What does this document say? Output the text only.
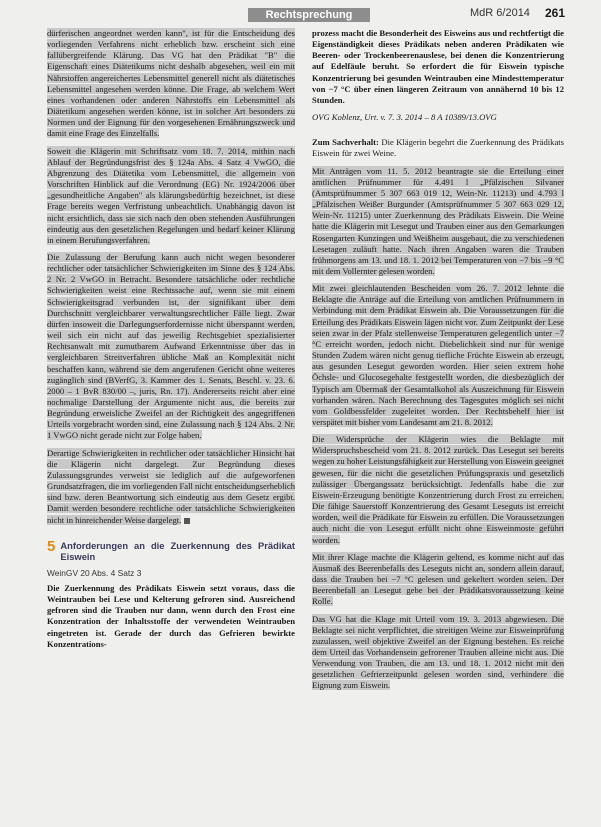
Rechtsprechung	MdR 6/2014 261

dürferischen angeordnet werden kann", ist für die Entscheidung des vorliegenden Verfahrens nicht erheblich bzw. erscheint sich eine fallübergreifende Klärung. Das VG hat den Prädikat "B" die Eigenschaft eines Diätetikums nicht deshalb abgesehen, weil ein mit Nährstoffen angereichertes Lebensmittel generell nicht als diätetisches Lebensmittel angesehen werden könne. Die Frage, ab welchem Wert eines vorhandenen oder anderen Nährstoffs ein Lebensmittel als Diätetikum angesehen werden könne, ist in solcher Art besonders zu Normen und der Eignung für den vorgesehenen Ernährungszweck und damit eine Frage des Einzelfalls.

Soweit die Klägerin mit Schriftsatz vom 18. 7. 2014, mithin nach Ablauf der Begründungsfrist des § 124a Abs. 4 Satz 4 VwGO, die Abgrenzung des Diätetika vom Lebensmittel, die allgemein von Vorschriften Hinblick auf die Verordnung (EG) Nr. 1924/2006 über „gesundheitliche Angaben" als klärungsbedürftig bezeichnet, ist diese Frage bereits wegen Verfristung unbeachtlich. Unabhängig davon ist nicht ersichtlich, dass sie sich nach den oben stehenden Ausführungen eindeutig aus den gesetzlichen Regelungen und bedarf keiner Klärung in einem Berufungsverfahren.

Die Zulassung der Berufung kann auch nicht wegen besonderer rechtlicher oder tatsächlicher Schwierigkeiten im Sinne des § 124 Abs. 2 Nr. 2 VwGO in Betracht. Besondere tatsächliche oder rechtliche Schwierigkeiten weist eine Rechtssache auf, wenn sie mit einem Schwierigkeitsgrad verbunden ist, der signifikant über dem Durchschnitt vergleichbarer verwaltungsrechtlicher Fälle liegt. Zwar dürfen insoweit die Darlegungserfordernisse nicht überspannt werden, weil sich ein nicht auf das jeweilig Rechtsgebiet spezialisierter Rechtsanwalt mit zumutbarem Aufwand Erkenntnisse über das in vergleichbaren Streitverfahren übliche Maß an Komplexität nicht beschaffen kann, während sie dem angerufenen Gericht ohne weiteres zugänglich sind (BVerfG, 3. Kammer des 1. Senats, Beschl. v. 23. 6. 2000 – 1 BvR 830/00 –, juris, Rn. 17). Andererseits reicht aber eine nochmalige Darstellung der Argumente nicht aus, die bereits zur Begründung erweisliche Zweifel an der Richtigkeit des angegriffenen Urteils vorgebracht worden sind, eine Zulassung nach § 124 Abs. 2 Nr. 1 VwGO nicht gerade nicht zur Folge haben.

Derartige Schwierigkeiten in rechtlicher oder tatsächlicher Hinsicht hat die Klägerin nicht dargelegt. Zur Begründung dieses Zulassungsgrundes verweist sie lediglich auf die aufgeworfenen Grundsatzfragen, die im vorliegenden Fall nicht entscheidungserheblich sind bzw. deren Beantwortung sich eindeutig aus dem Gesetz ergibt. Damit werden besondere rechtliche oder tatsächliche Schwierigkeiten nicht in hinreichender Weise dargelegt.

5 Anforderungen an die Zuerkennung des Prädikat Eiswein
WeinGV 20 Abs. 4 Satz 3

Die Zuerkennung des Prädikats Eiswein setzt voraus, dass die Weintrauben bei Lese und Kelterung gefroren sind. Ausreichend gefroren sind die Trauben nur dann, wenn durch den Frost eine Konzentration der Inhaltsstoffe der verwendeten Weintrauben eingetreten ist. Gerade der durch das Gefrieren bewirkte Konzentrations-

prozess macht die Besonderheit des Eisweins aus und rechtfertigt die Eigenständigkeit dieses Prädikats neben anderen Prädikaten wie Beeren- oder Trockenbeerenauslese, bei denen die Konzentrierung auf Edelfäule beruht. So erfordert die für Eiswein typische Konzentrierung bei gesunden Weintrauben eine Mindesttemperatur von −7 °C über einen längeren Zeitraum von annähernd 10 bis 12 Stunden.

OVG Koblenz, Urt. v. 7. 3. 2014 – 8 A 10389/13.OVG

Zum Sachverhalt: Die Klägerin begehrt die Zuerkennung des Prädikats Eiswein für zwei Weine.

Mit Anträgen vom 11. 5. 2012 beantragte sie die Erteilung einer amtlichen Prüfnummer für 4.491 l „Pfälzischen Silvaner (Amtsprüfnummer 5 307 663 019 12, Wein-Nr. 11213) und 4.793 l „Pfälzischen Weißer Burgunder (Amtsprüfnummer 5 307 663 029 12, Wein-Nr. 11215) unter Zuerkennung des Prädikats Eiswein. Die Weine hatte die Klägerin mit Lesegut und Trauben einer aus den Gemarkungen Rosengarten Kunzingen und Weißheim ausgebaut, die zu verschiedenen Lesetagen zuläuft hatte. Nach ihren Angaben waren die Trauben frühmorgens am 13. und 18. 1. 2012 bei Temperaturen von −7 bis −9 °C mit dem Vollernter gelesen worden.

Mit zwei gleichlautenden Bescheiden vom 26. 7. 2012 lehnte die Beklagte die Anträge auf die Erteilung von amtlichen Prüfnummern in Verbindung mit dem Prädikat Eiswein ab. Die Voraussetzungen für die Erteilung des Prädikats Eiswein lägen nicht vor. Zum Zeitpunkt der Lese seien zwar in der Pfalz stellenweise Temperaturen gelegentlich unter −7 °C erreicht worden, jedoch nicht. Diebelichkeit sind nur für wenige Stunden Zudem wären nicht genug tiefliche Früchte Eiswein ab erzeugt, aus gesunden Lesegut geworden worden. Hier seien extrem hohe Öchsle- und Glucosegehalte festgestellt worden, die diesbezüglich der Typisch am Übermaß der Gesamtalkohol als Auszeichnung für Eiswein vorhanden wären. Nach Berechnung des Tagesgutes möglich sei nicht vom Goldbessfelder zugeleitet worden. Der Rechtsbehelf hier ist verspätet mit bisher vom Landesamt am 21. 8. 2012.

Die Widersprüche der Klägerin wies die Beklagte mit Widerspruchsbescheid vom 21. 8. 2012 zurück. Das Lesegut sei bereits wegen zu hoher Leistungsfähigkeit zur Herstellung von Eiswein geeignet gewesen, für die nicht die gesetzlichen Prüfungspraxis und gesetzlich zulässiger Übergangssatz berücksichtigt. Jedenfalls habe die zur Eiswein-Erzeugung benötigte Konzentrierung durch Frost zu erreichen. Die fähige Sauerstoff Konzentrierung des Gesamt Leseguts ist erreicht worden, weil die Prädikate für Eiswein zu erfüllen. Die Voraussetzungen auch nicht die von Lesegut erfüllt nicht ohne Eisweinmoste geführt worden.

Mit ihrer Klage machte die Klägerin geltend, es komme nicht auf das Ausmaß des Beerenbefalls des Leseguts nicht an, sondern allein darauf, dass die Trauben bei −7 °C gelesen und gekeltert worden seien. Der Beerenbefall an Lesegut gebe bei der Prädikatsvoraussetzung keine Rolle.

Das VG hat die Klage mit Urteil vom 19. 3. 2013 abgewiesen. Die Beklagte sei nicht verpflichtet, die streitigen Weine zur Eisweinprüfung zuzulassen, weil objektive Zweifel an der Eignung bestehen. Es reiche dem Urteil das Vorhandensein gefrorener Trauben alleine nicht aus. Die Verwendung von Trauben, die am 13. und 18. 1. 2012 nicht mit den gesetzlichen Gefrierzeitpunkt gelesen worden sind, verhindere die Eignung zum Eiswein.
